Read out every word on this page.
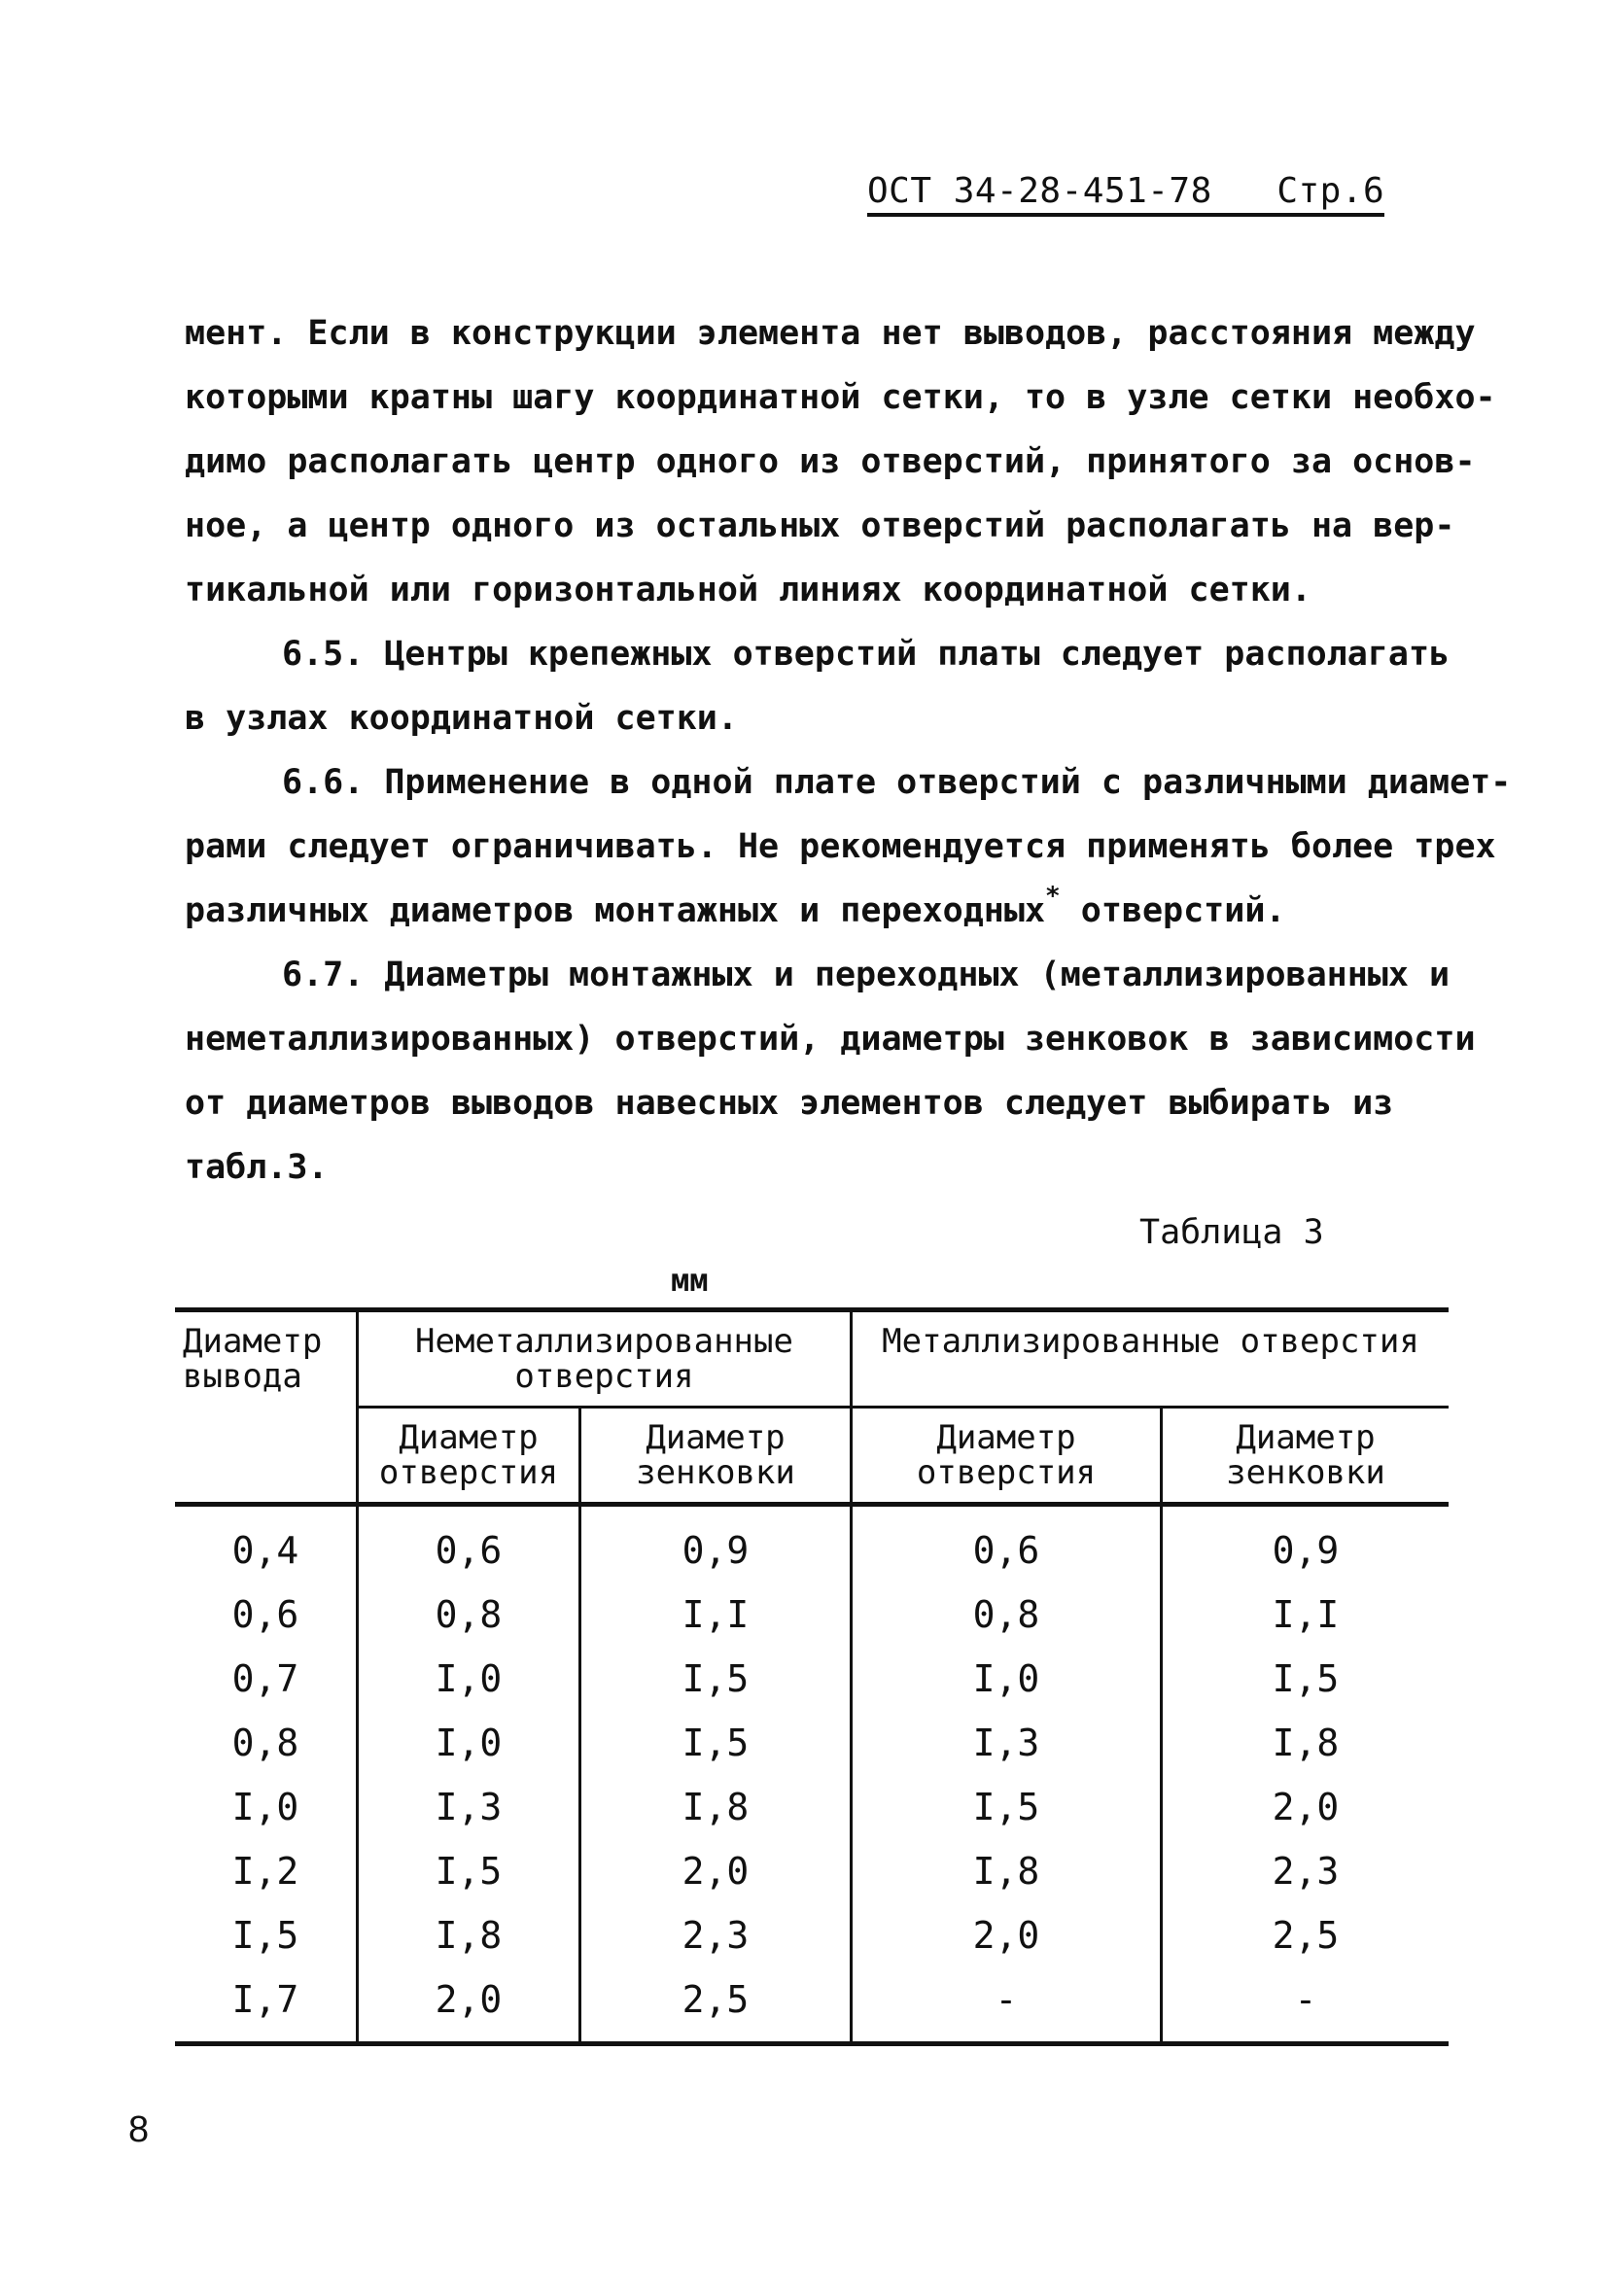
ОСТ 34-28-451-78 Стр.6
мент. Если в конструкции элемента нет выводов, расстояния между
которыми кратны шагу координатной сетки, то в узле сетки необхо-
димо располагать центр одного из отверстий, принятого за основ-
ное, а центр одного из остальных отверстий располагать на вер-
тикальной или горизонтальной линиях координатной сетки.
6.5. Центры крепежных отверстий платы следует располагать
в узлах координатной сетки.
6.6. Применение в одной плате отверстий с различными диамет-
рами следует ограничивать. Не рекомендуется применять более трех
различных диаметров монтажных и переходных* отверстий.
6.7. Диаметры монтажных и переходных (металлизированных и
неметаллизированных) отверстий, диаметры зенковок в зависимости
от диаметров выводов навесных элементов следует выбирать из
табл.3.
Таблица 3
мм
Диаметр вывода	Неметаллизированные отверстия		Металлизированные отверстия	
	Диаметр отверстия	Диаметр зенковки	Диаметр отверстия	Диаметр зенковки
0,4	0,6	0,9	0,6	0,9
0,6	0,8	I,I	0,8	I,I
0,7	I,0	I,5	I,0	I,5
0,8	I,0	I,5	I,3	I,8
I,0	I,3	I,8	I,5	2,0
I,2	I,5	2,0	I,8	2,3
I,5	I,8	2,3	2,0	2,5
I,7	2,0	2,5	-	-
8
